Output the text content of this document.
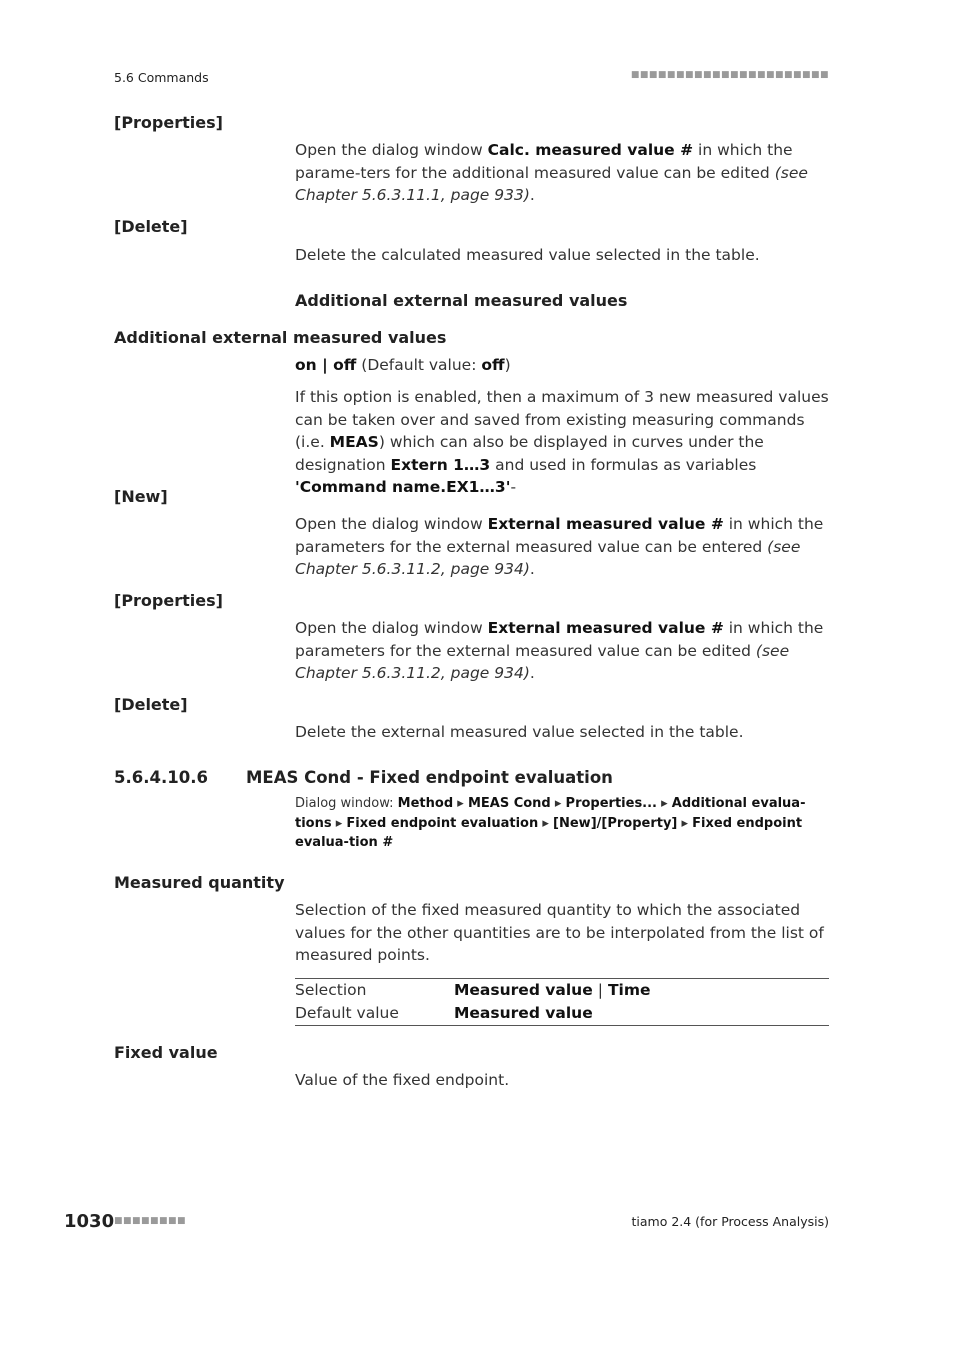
5.6 Commands	■■■■■■■■■■■■■■■■■■■■■■
[Properties]
Open the dialog window Calc. measured value # in which the parame-ters for the additional measured value can be edited (see Chapter 5.6.3.11.1, page 933).
[Delete]
Delete the calculated measured value selected in the table.
Additional external measured values
Additional external measured values
on | off (Default value: off)
If this option is enabled, then a maximum of 3 new measured values can be taken over and saved from existing measuring commands (i.e. MEAS) which can also be displayed in curves under the designation Extern 1…3 and used in formulas as variables 'Command name.EX1…3'-
[New]
Open the dialog window External measured value # in which the parameters for the external measured value can be entered (see Chapter 5.6.3.11.2, page 934).
[Properties]
Open the dialog window External measured value # in which the parameters for the external measured value can be edited (see Chapter 5.6.3.11.2, page 934).
[Delete]
Delete the external measured value selected in the table.
5.6.4.10.6 MEAS Cond - Fixed endpoint evaluation
Dialog window: Method ▸ MEAS Cond ▸ Properties... ▸ Additional evalua-tions ▸ Fixed endpoint evaluation ▸ [New]/[Property] ▸ Fixed endpoint evalua-tion #
Measured quantity
Selection of the fixed measured quantity to which the associated values for the other quantities are to be interpolated from the list of measured points.
Selection	Measured value | Time
Default value	Measured value
Fixed value
Value of the fixed endpoint.
1030 ■■■■■■■■	tiamo 2.4 (for Process Analysis)
